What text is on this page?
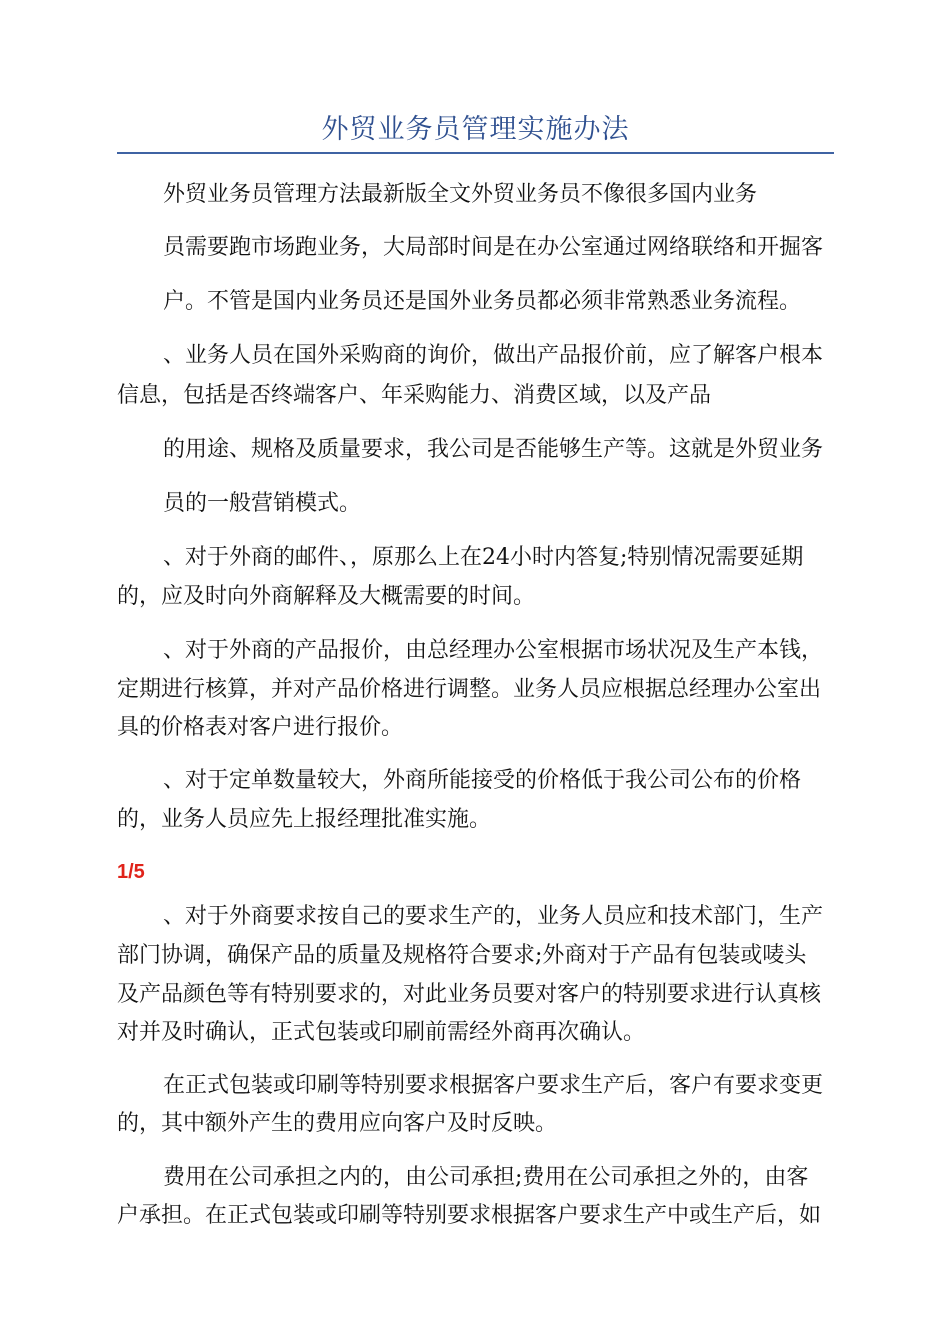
外贸业务员管理实施办法
外贸业务员管理方法最新版全文外贸业务员不像很多国内业务
员需要跑市场跑业务，大局部时间是在办公室通过网络联络和开掘客
户。不管是国内业务员还是国外业务员都必须非常熟悉业务流程。
、业务人员在国外采购商的询价，做出产品报价前，应了解客户根本
信息，包括是否终端客户、年采购能力、消费区域，以及产品
的用途、规格及质量要求，我公司是否能够生产等。这就是外贸业务
员的一般营销模式。
、对于外商的邮件、，原那么上在24小时内答复;特别情况需要延期
的，应及时向外商解释及大概需要的时间。
、对于外商的产品报价，由总经理办公室根据市场状况及生产本钱，
定期进行核算，并对产品价格进行调整。业务人员应根据总经理办公室出
具的价格表对客户进行报价。
、对于定单数量较大，外商所能接受的价格低于我公司公布的价格
的，业务人员应先上报经理批准实施。
1/5
、对于外商要求按自己的要求生产的，业务人员应和技术部门，生产
部门协调，确保产品的质量及规格符合要求;外商对于产品有包装或唛头
及产品颜色等有特别要求的，对此业务员要对客户的特别要求进行认真核
对并及时确认，正式包装或印刷前需经外商再次确认。
在正式包装或印刷等特别要求根据客户要求生产后，客户有要求变更
的，其中额外产生的费用应向客户及时反映。
费用在公司承担之内的，由公司承担;费用在公司承担之外的，由客
户承担。在正式包装或印刷等特别要求根据客户要求生产中或生产后，如
